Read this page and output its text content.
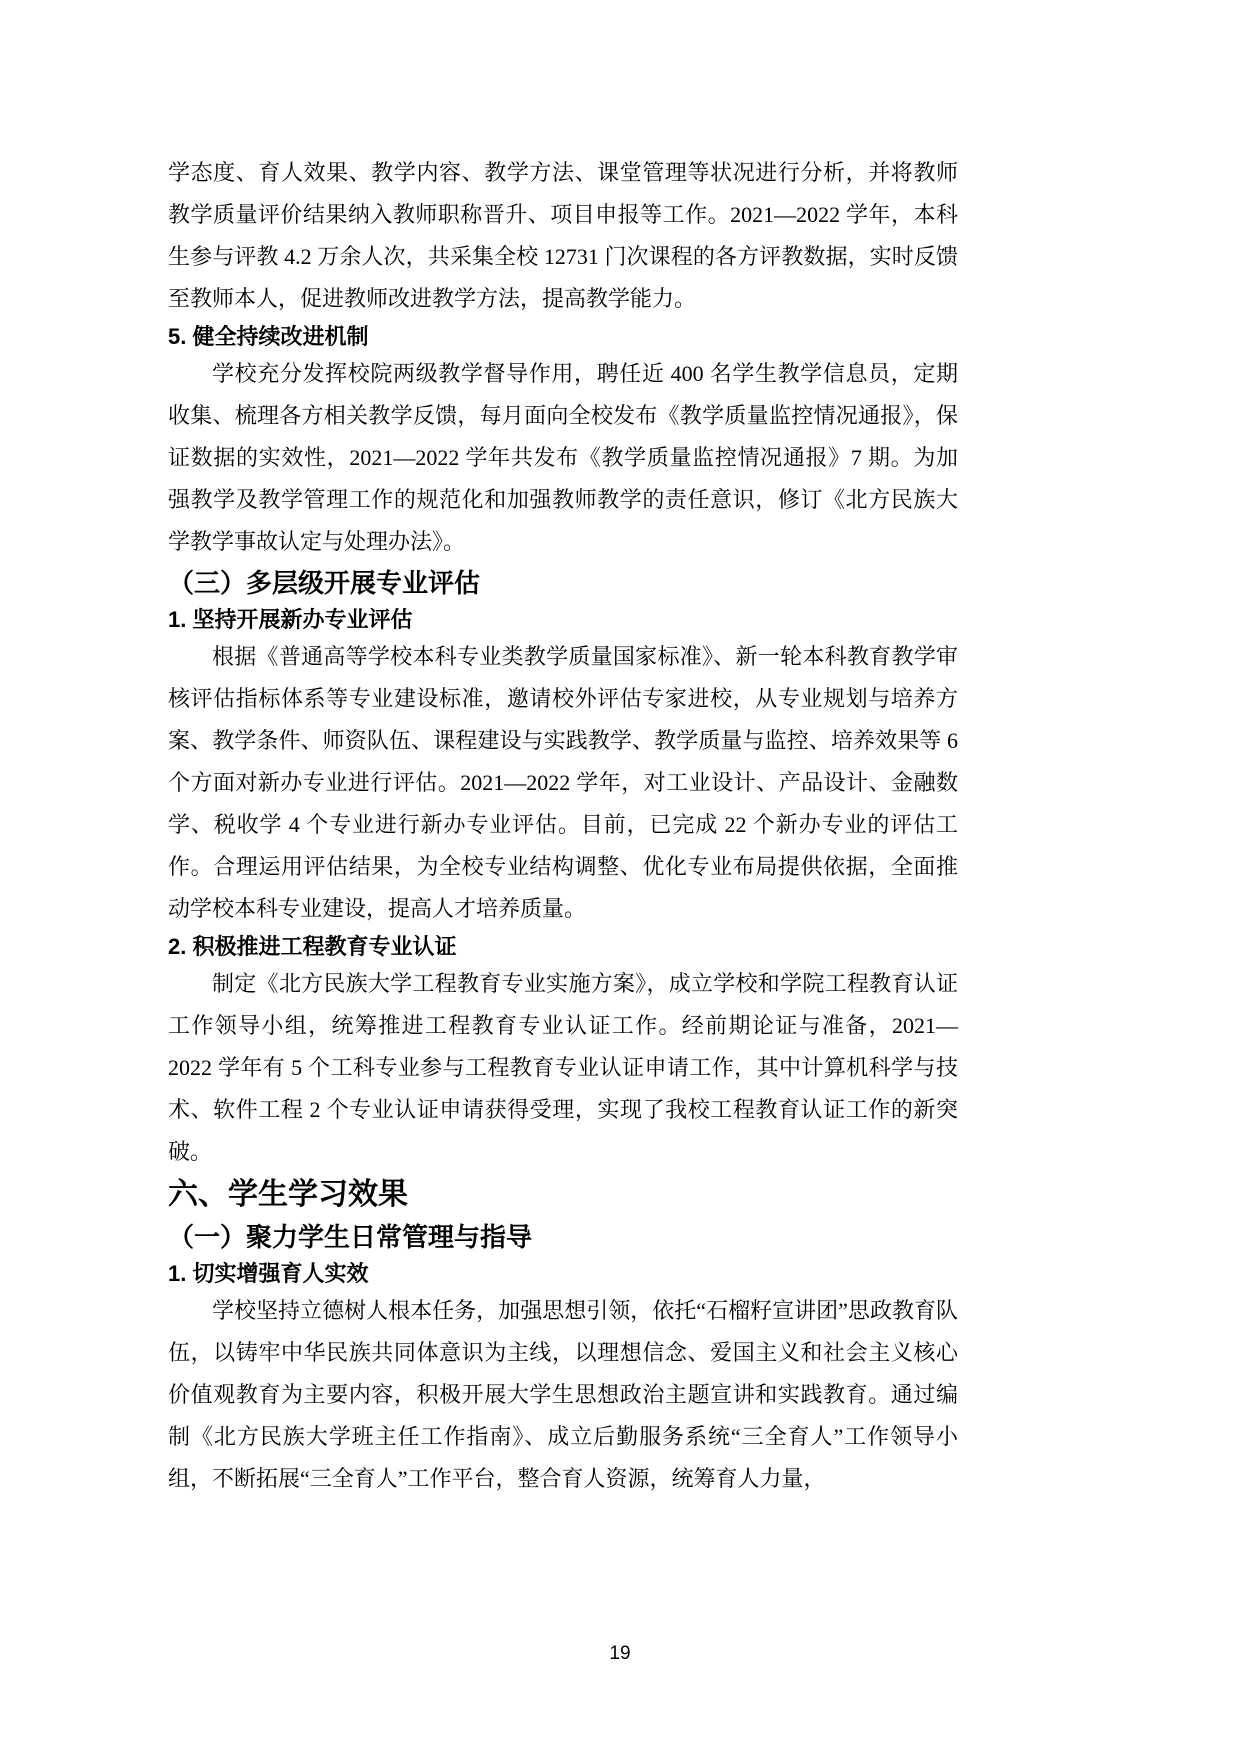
学态度、育人效果、教学内容、教学方法、课堂管理等状况进行分析，并将教师教学质量评价结果纳入教师职称晋升、项目申报等工作。2021—2022 学年，本科生参与评教 4.2 万余人次，共采集全校 12731 门次课程的各方评教数据，实时反馈至教师本人，促进教师改进教学方法，提高教学能力。

5. 健全持续改进机制

学校充分发挥校院两级教学督导作用，聘任近 400 名学生教学信息员，定期收集、梳理各方相关教学反馈，每月面向全校发布《教学质量监控情况通报》，保证数据的实效性，2021—2022 学年共发布《教学质量监控情况通报》7 期。为加强教学及教学管理工作的规范化和加强教师教学的责任意识，修订《北方民族大学教学事故认定与处理办法》。

（三）多层级开展专业评估
1. 坚持开展新办专业评估

根据《普通高等学校本科专业类教学质量国家标准》、新一轮本科教育教学审核评估指标体系等专业建设标准，邀请校外评估专家进校，从专业规划与培养方案、教学条件、师资队伍、课程建设与实践教学、教学质量与监控、培养效果等 6 个方面对新办专业进行评估。2021—2022 学年，对工业设计、产品设计、金融数学、税收学 4 个专业进行新办专业评估。目前，已完成 22 个新办专业的评估工作。合理运用评估结果，为全校专业结构调整、优化专业布局提供依据，全面推动学校本科专业建设，提高人才培养质量。

2. 积极推进工程教育专业认证

制定《北方民族大学工程教育专业实施方案》，成立学校和学院工程教育认证工作领导小组，统筹推进工程教育专业认证工作。经前期论证与准备，2021—2022 学年有 5 个工科专业参与工程教育专业认证申请工作，其中计算机科学与技术、软件工程 2 个专业认证申请获得受理，实现了我校工程教育认证工作的新突破。

六、学生学习效果
（一）聚力学生日常管理与指导
1. 切实增强育人实效

学校坚持立德树人根本任务，加强思想引领，依托“石榴籽宣讲团”思政教育队伍，以铸牢中华民族共同体意识为主线，以理想信念、爱国主义和社会主义核心价值观教育为主要内容，积极开展大学生思想政治主题宣讲和实践教育。通过编制《北方民族大学班主任工作指南》、成立后勤服务系统“三全育人”工作领导小组，不断拓展“三全育人”工作平台，整合育人资源，统筹育人力量，

19
